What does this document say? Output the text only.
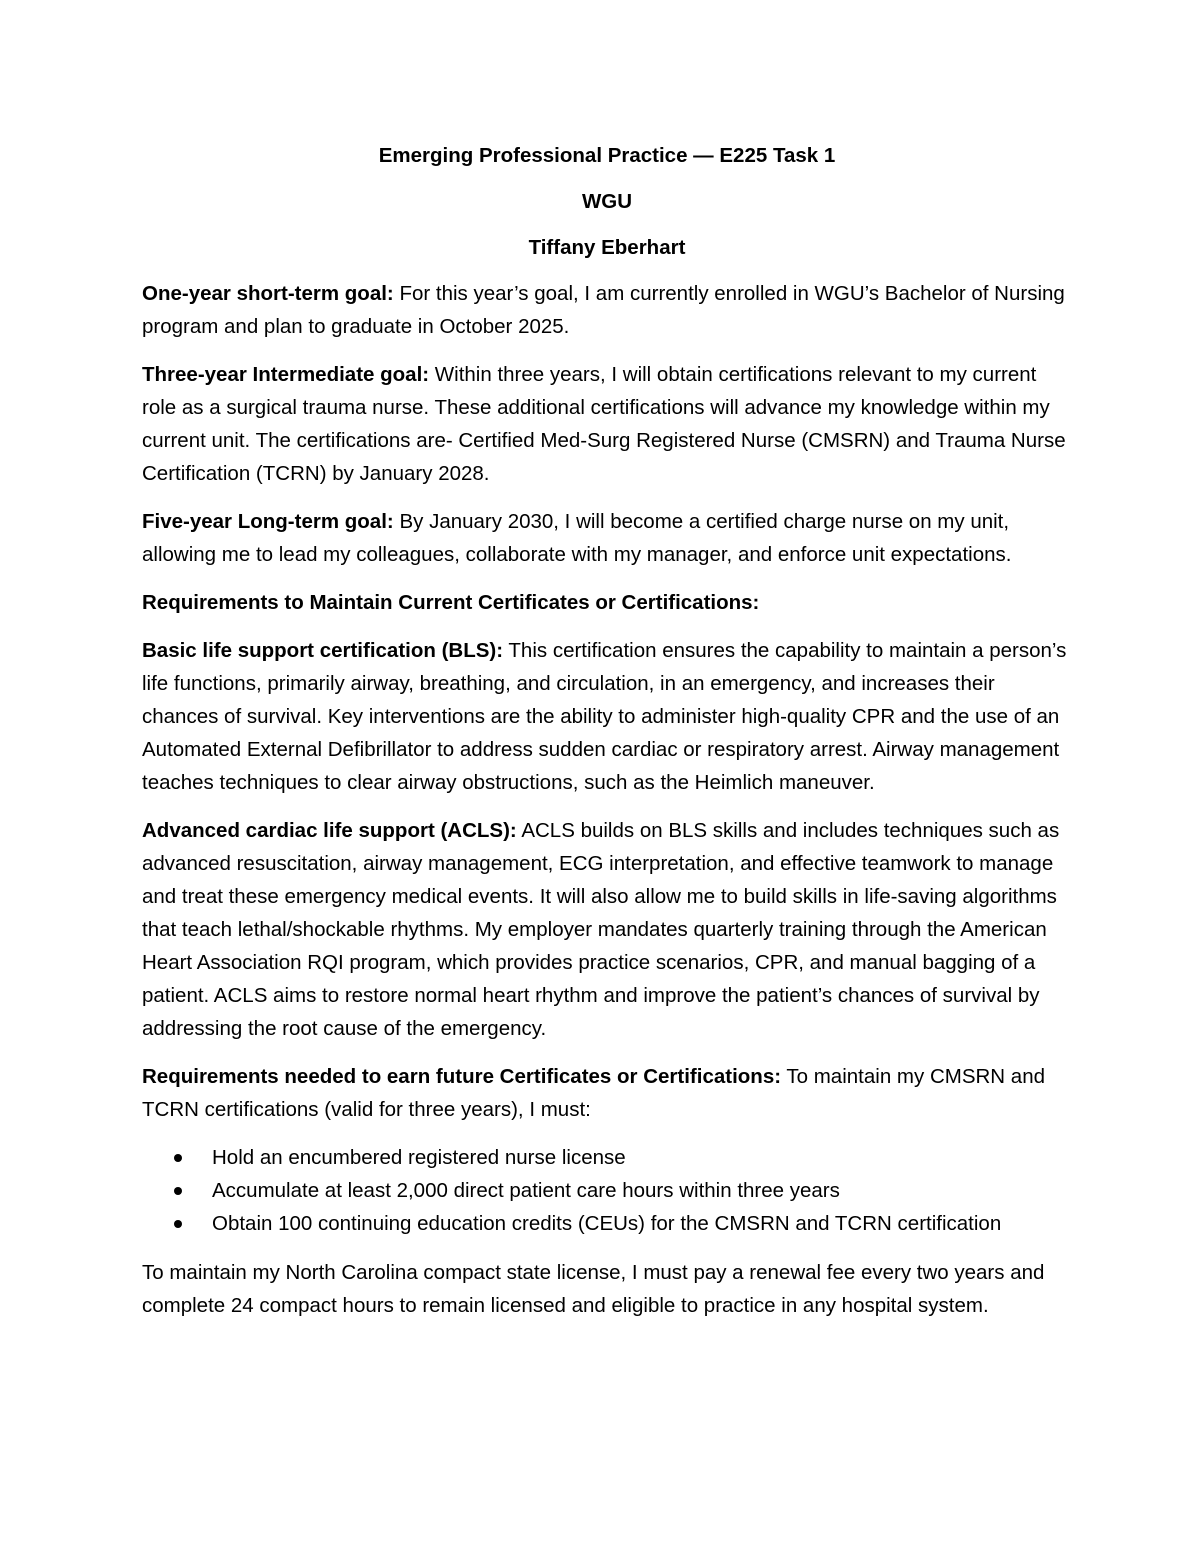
Emerging Professional Practice — E225 Task 1
WGU
Tiffany Eberhart

One-year short-term goal: For this year’s goal, I am currently enrolled in WGU’s Bachelor of Nursing program and plan to graduate in October 2025.

Three-year Intermediate goal: Within three years, I will obtain certifications relevant to my current role as a surgical trauma nurse. These additional certifications will advance my knowledge within my current unit. The certifications are- Certified Med-Surg Registered Nurse (CMSRN) and Trauma Nurse Certification (TCRN) by January 2028.

Five-year Long-term goal: By January 2030, I will become a certified charge nurse on my unit, allowing me to lead my colleagues, collaborate with my manager, and enforce unit expectations.

Requirements to Maintain Current Certificates or Certifications:

Basic life support certification (BLS): This certification ensures the capability to maintain a person’s life functions, primarily airway, breathing, and circulation, in an emergency, and increases their chances of survival. Key interventions are the ability to administer high-quality CPR and the use of an Automated External Defibrillator to address sudden cardiac or respiratory arrest. Airway management teaches techniques to clear airway obstructions, such as the Heimlich maneuver.

Advanced cardiac life support (ACLS): ACLS builds on BLS skills and includes techniques such as advanced resuscitation, airway management, ECG interpretation, and effective teamwork to manage and treat these emergency medical events. It will also allow me to build skills in life-saving algorithms that teach lethal/shockable rhythms. My employer mandates quarterly training through the American Heart Association RQI program, which provides practice scenarios, CPR, and manual bagging of a patient. ACLS aims to restore normal heart rhythm and improve the patient’s chances of survival by addressing the root cause of the emergency.

Requirements needed to earn future Certificates or Certifications: To maintain my CMSRN and TCRN certifications (valid for three years), I must:

Hold an encumbered registered nurse license
Accumulate at least 2,000 direct patient care hours within three years
Obtain 100 continuing education credits (CEUs) for the CMSRN and TCRN certification

To maintain my North Carolina compact state license, I must pay a renewal fee every two years and complete 24 compact hours to remain licensed and eligible to practice in any hospital system.
